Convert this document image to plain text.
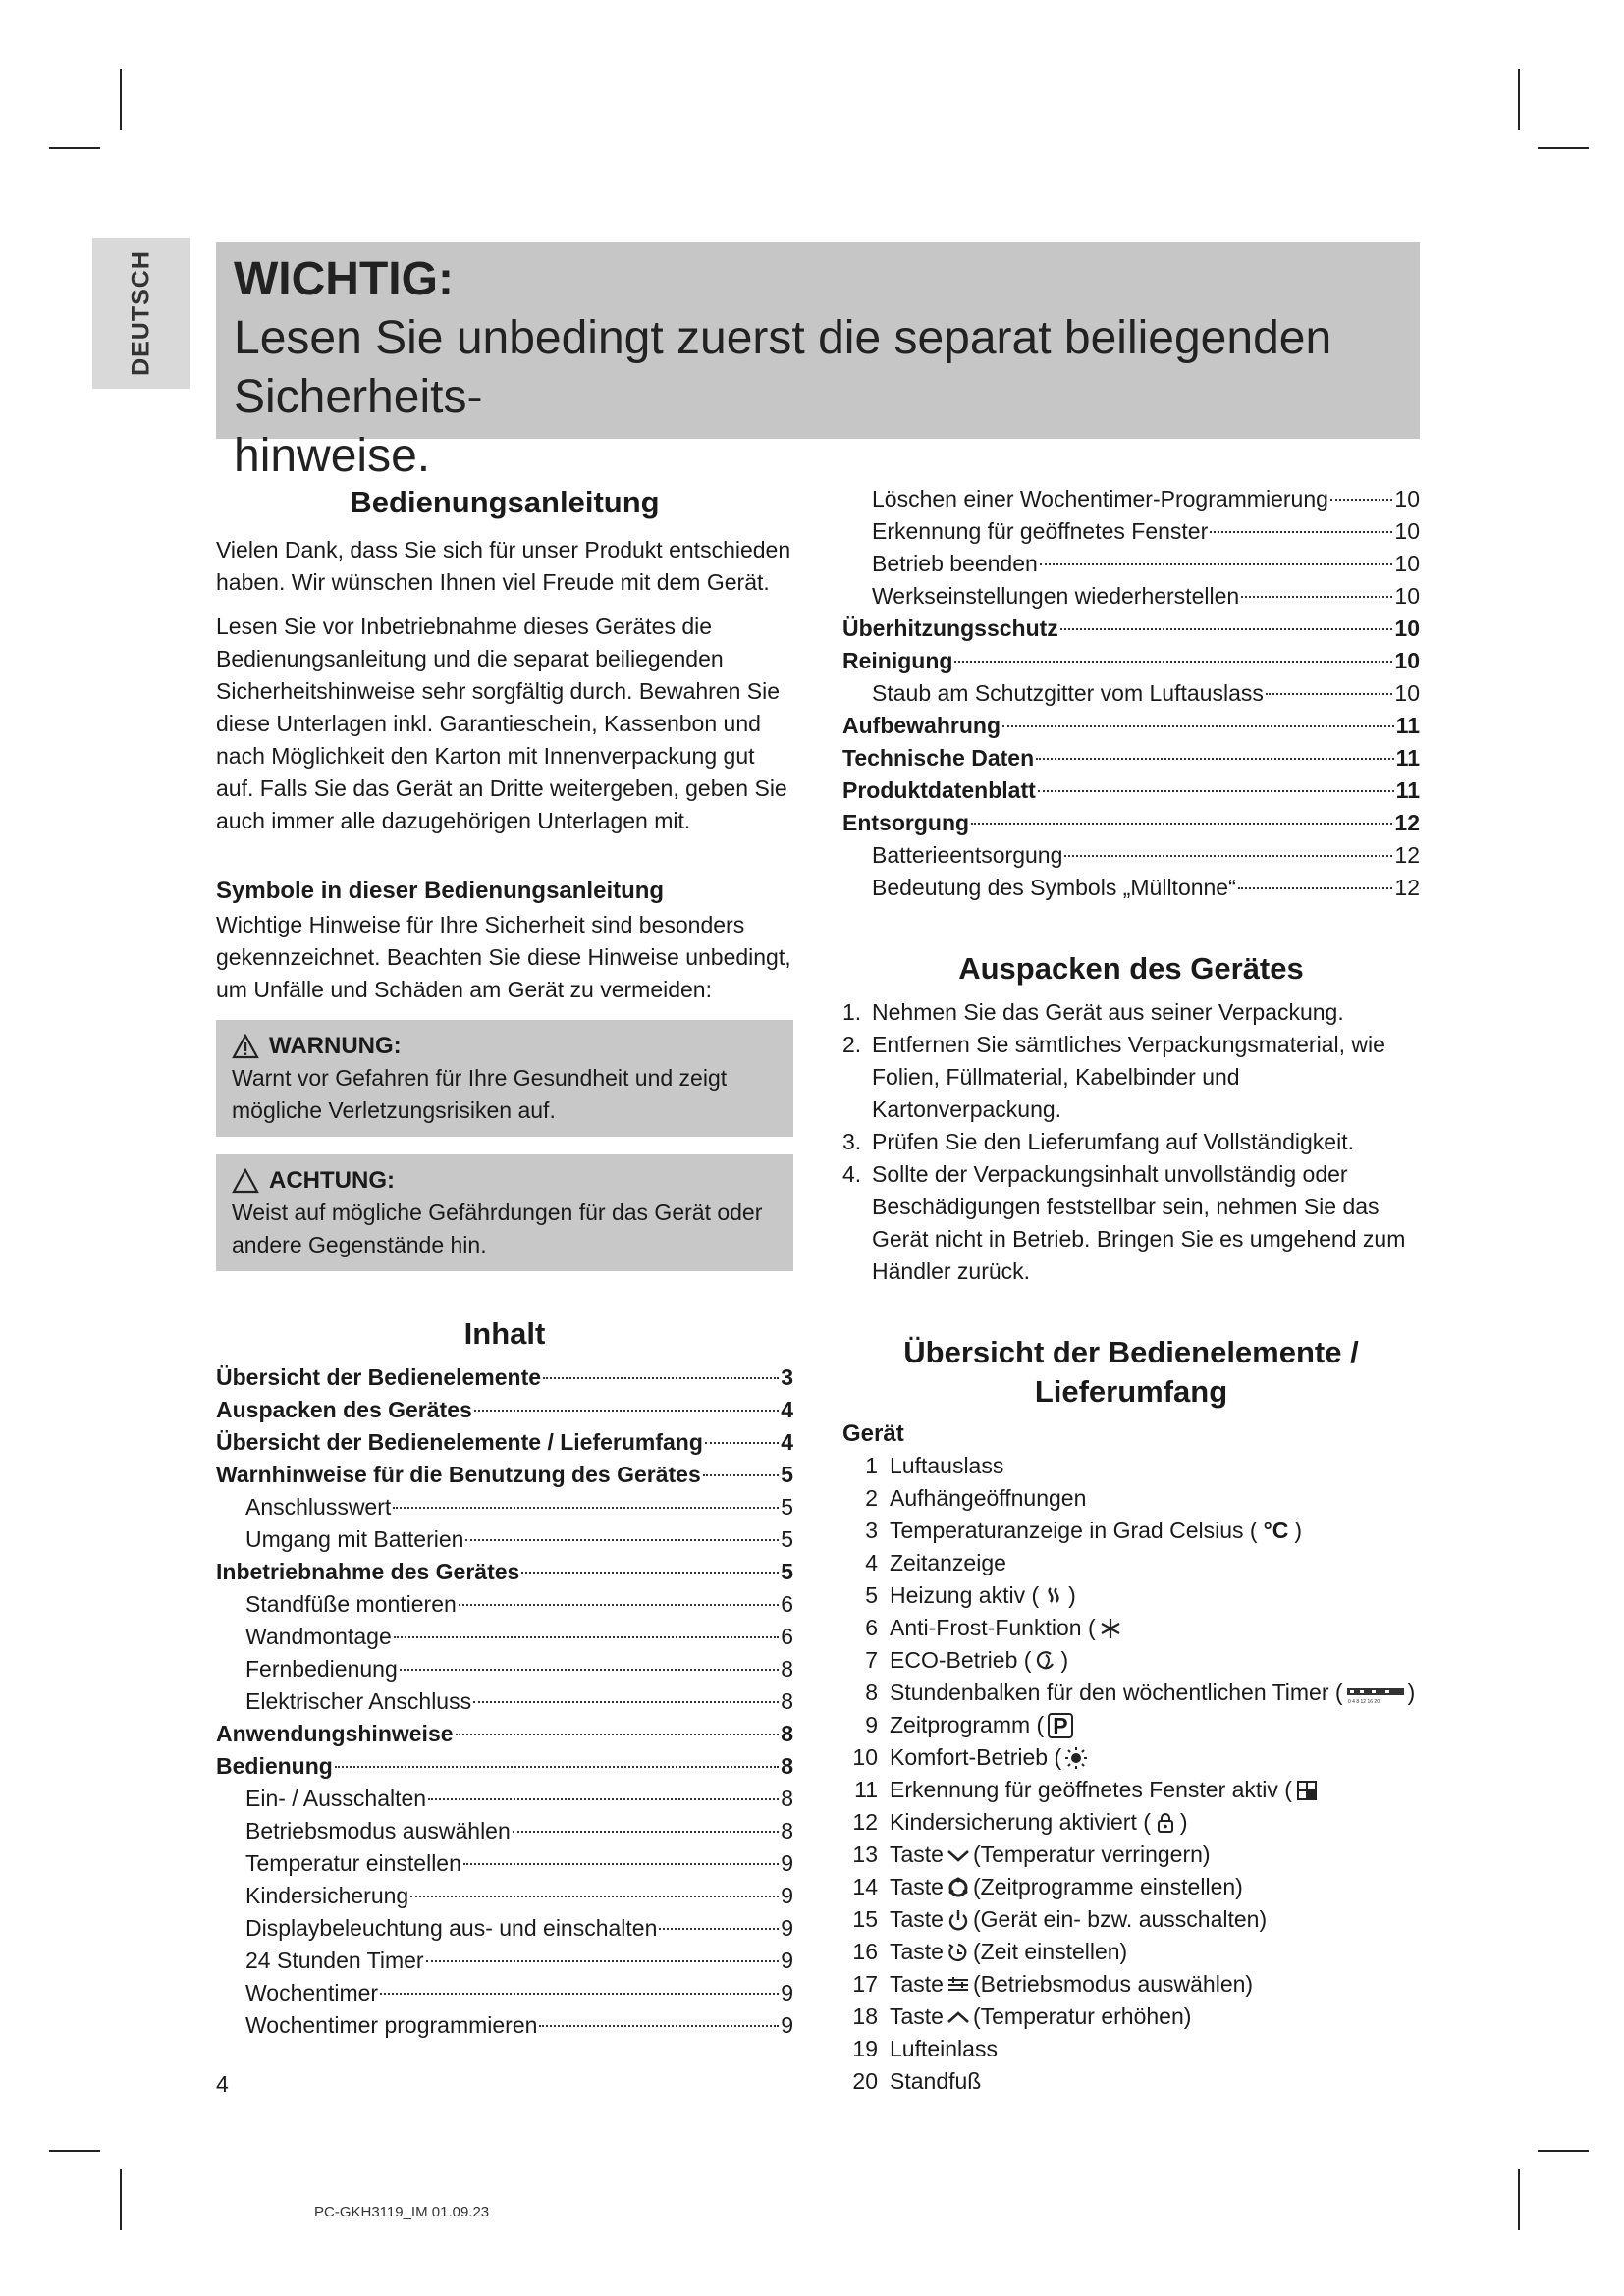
DEUTSCH WICHTIG:
Lesen Sie unbedingt zuerst die separat beiliegenden Sicherheits-
hinweise.
Bedienungsanleitung

Vielen Dank, dass Sie sich für unser Produkt entschieden haben. Wir wünschen Ihnen viel Freude mit dem Gerät.

Lesen Sie vor Inbetriebnahme dieses Gerätes die Bedienungsanleitung und die separat beiliegenden Sicherheitshinweise sehr sorgfältig durch. Bewahren Sie diese Unterlagen inkl. Garantieschein, Kassenbon und nach Möglichkeit den Karton mit Innenverpackung gut auf. Falls Sie das Gerät an Dritte weitergeben, geben Sie auch immer alle dazugehörigen Unterlagen mit.

Symbole in dieser Bedienungsanleitung

Wichtige Hinweise für Ihre Sicherheit sind besonders gekennzeichnet. Beachten Sie diese Hinweise unbedingt, um Unfälle und Schäden am Gerät zu vermeiden:

WARNUNG:
Warnt vor Gefahren für Ihre Gesundheit und zeigt mögliche Verletzungsrisiken auf.
ACHTUNG:
Weist auf mögliche Gefährdungen für das Gerät oder andere Gegenstände hin.
Inhalt
Übersicht der Bedienelemente	3
Auspacken des Gerätes	4
Übersicht der Bedienelemente / Lieferumfang	4
Warnhinweise für die Benutzung des Gerätes	5
Anschlusswert	5
Umgang mit Batterien	5
Inbetriebnahme des Gerätes	5
Standfüße montieren	6
Wandmontage	6
Fernbedienung	8
Elektrischer Anschluss	8
Anwendungshinweise	8
Bedienung	8
Ein- / Ausschalten	8
Betriebsmodus auswählen	8
Temperatur einstellen	9
Kindersicherung	9
Displaybeleuchtung aus- und einschalten	9
24 Stunden Timer	9
Wochentimer	9
Wochentimer programmieren	9
Löschen einer Wochentimer-Programmierung	10
Erkennung für geöffnetes Fenster	10
Betrieb beenden	10
Werkseinstellungen wiederherstellen	10
Überhitzungsschutz	10
Reinigung	10
Staub am Schutzgitter vom Luftauslass	10
Aufbewahrung	11
Technische Daten	11
Produktdatenblatt	11
Entsorgung	12
Batterieentsorgung	12
Bedeutung des Symbols „Mülltonne“	12
Auspacken des Gerätes
1. Nehmen Sie das Gerät aus seiner Verpackung.
2. Entfernen Sie sämtliches Verpackungsmaterial, wie Folien, Füllmaterial, Kabelbinder und Kartonverpackung.
3. Prüfen Sie den Lieferumfang auf Vollständigkeit.
4. Sollte der Verpackungsinhalt unvollständig oder Beschädigungen feststellbar sein, nehmen Sie das Gerät nicht in Betrieb. Bringen Sie es umgehend zum Händler zurück.
Übersicht der Bedienelemente /
Lieferumfang
Gerät
1 Luftauslass
2 Aufhängeöffnungen
3 Temperaturanzeige in Grad Celsius ( °C )
4 Zeitanzeige
5 Heizung aktiv ( )
6 Anti-Frost-Funktion (
7 ECO-Betrieb ( )
8 Stundenbalken für den wöchentlichen Timer ( 0 4 8 12 16 20 )
9 Zeitprogramm ( P
10 Komfort-Betrieb (
11 Erkennung für geöffnetes Fenster aktiv (
12 Kindersicherung aktiviert ( )
13 Taste (Temperatur verringern)
14 Taste (Zeitprogramme einstellen)
15 Taste (Gerät ein- bzw. ausschalten)
16 Taste (Zeit einstellen)
17 Taste (Betriebsmodus auswählen)
18 Taste (Temperatur erhöhen)
19 Lufteinlass
20 Standfuß
4
PC-GKH3119_IM 01.09.23
